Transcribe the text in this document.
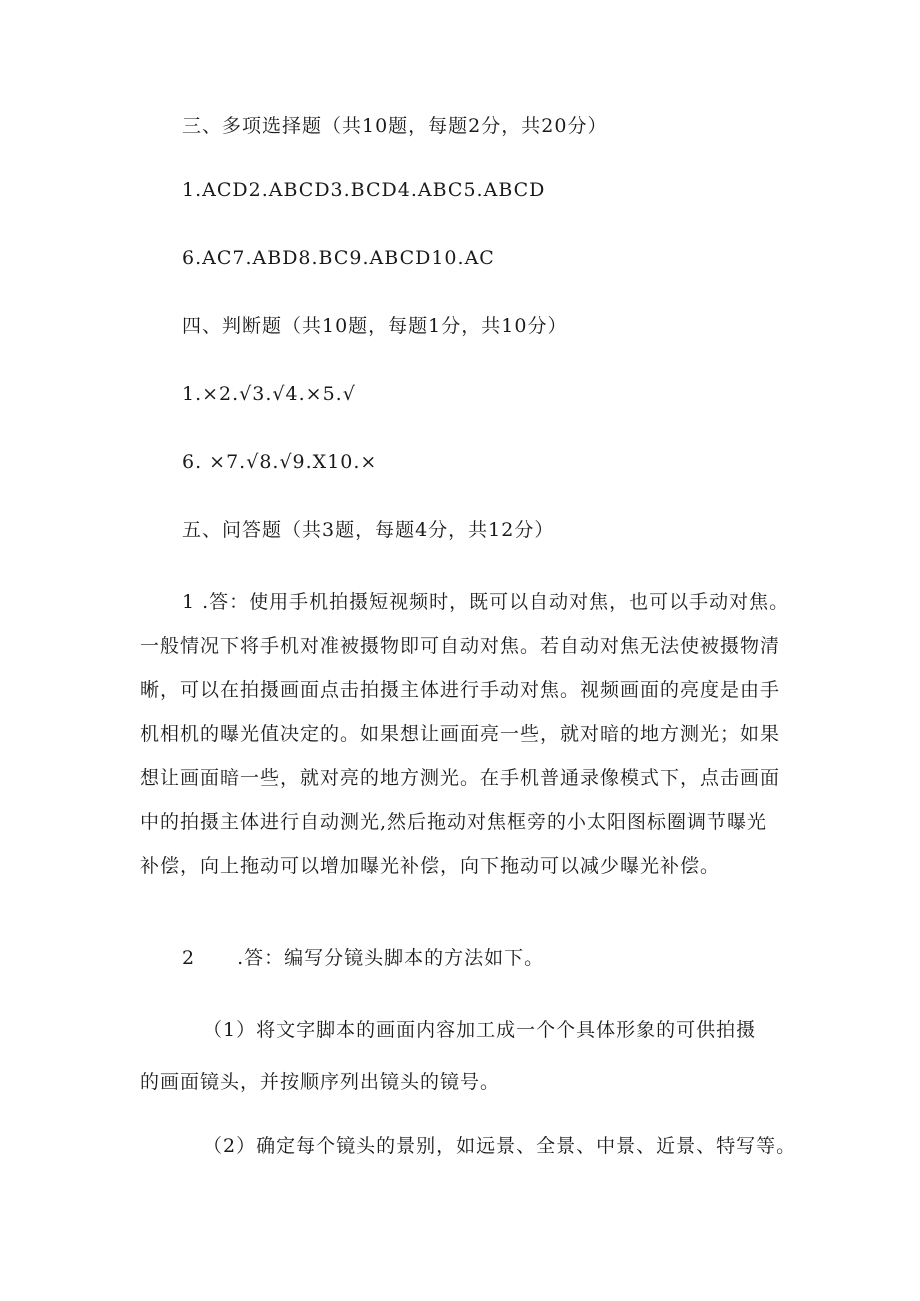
三、多项选择题（共10题，每题2分，共20分）
1.ACD2.ABCD3.BCD4.ABC5.ABCD
6.AC7.ABD8.BC9.ABCD10.AC
四、判断题（共10题，每题1分，共10分）
1.×2.√3.√4.×5.√
6. ×7.√8.√9.X10.×
五、问答题（共3题，每题4分，共12分）
1 .答：使用手机拍摄短视频时，既可以自动对焦，也可以手动对焦。
一般情况下将手机对准被摄物即可自动对焦。若自动对焦无法使被摄物清
晰，可以在拍摄画面点击拍摄主体进行手动对焦。视频画面的亮度是由手
机相机的曝光值决定的。如果想让画面亮一些，就对暗的地方测光；如果
想让画面暗一些，就对亮的地方测光。在手机普通录像模式下，点击画面
中的拍摄主体进行自动测光,然后拖动对焦框旁的小太阳图标圈调节曝光
补偿，向上拖动可以增加曝光补偿，向下拖动可以减少曝光补偿。
2 .答：编写分镜头脚本的方法如下。
（1）将文字脚本的画面内容加工成一个个具体形象的可供拍摄
的画面镜头，并按顺序列出镜头的镜号。
（2）确定每个镜头的景别，如远景、全景、中景、近景、特写等。
